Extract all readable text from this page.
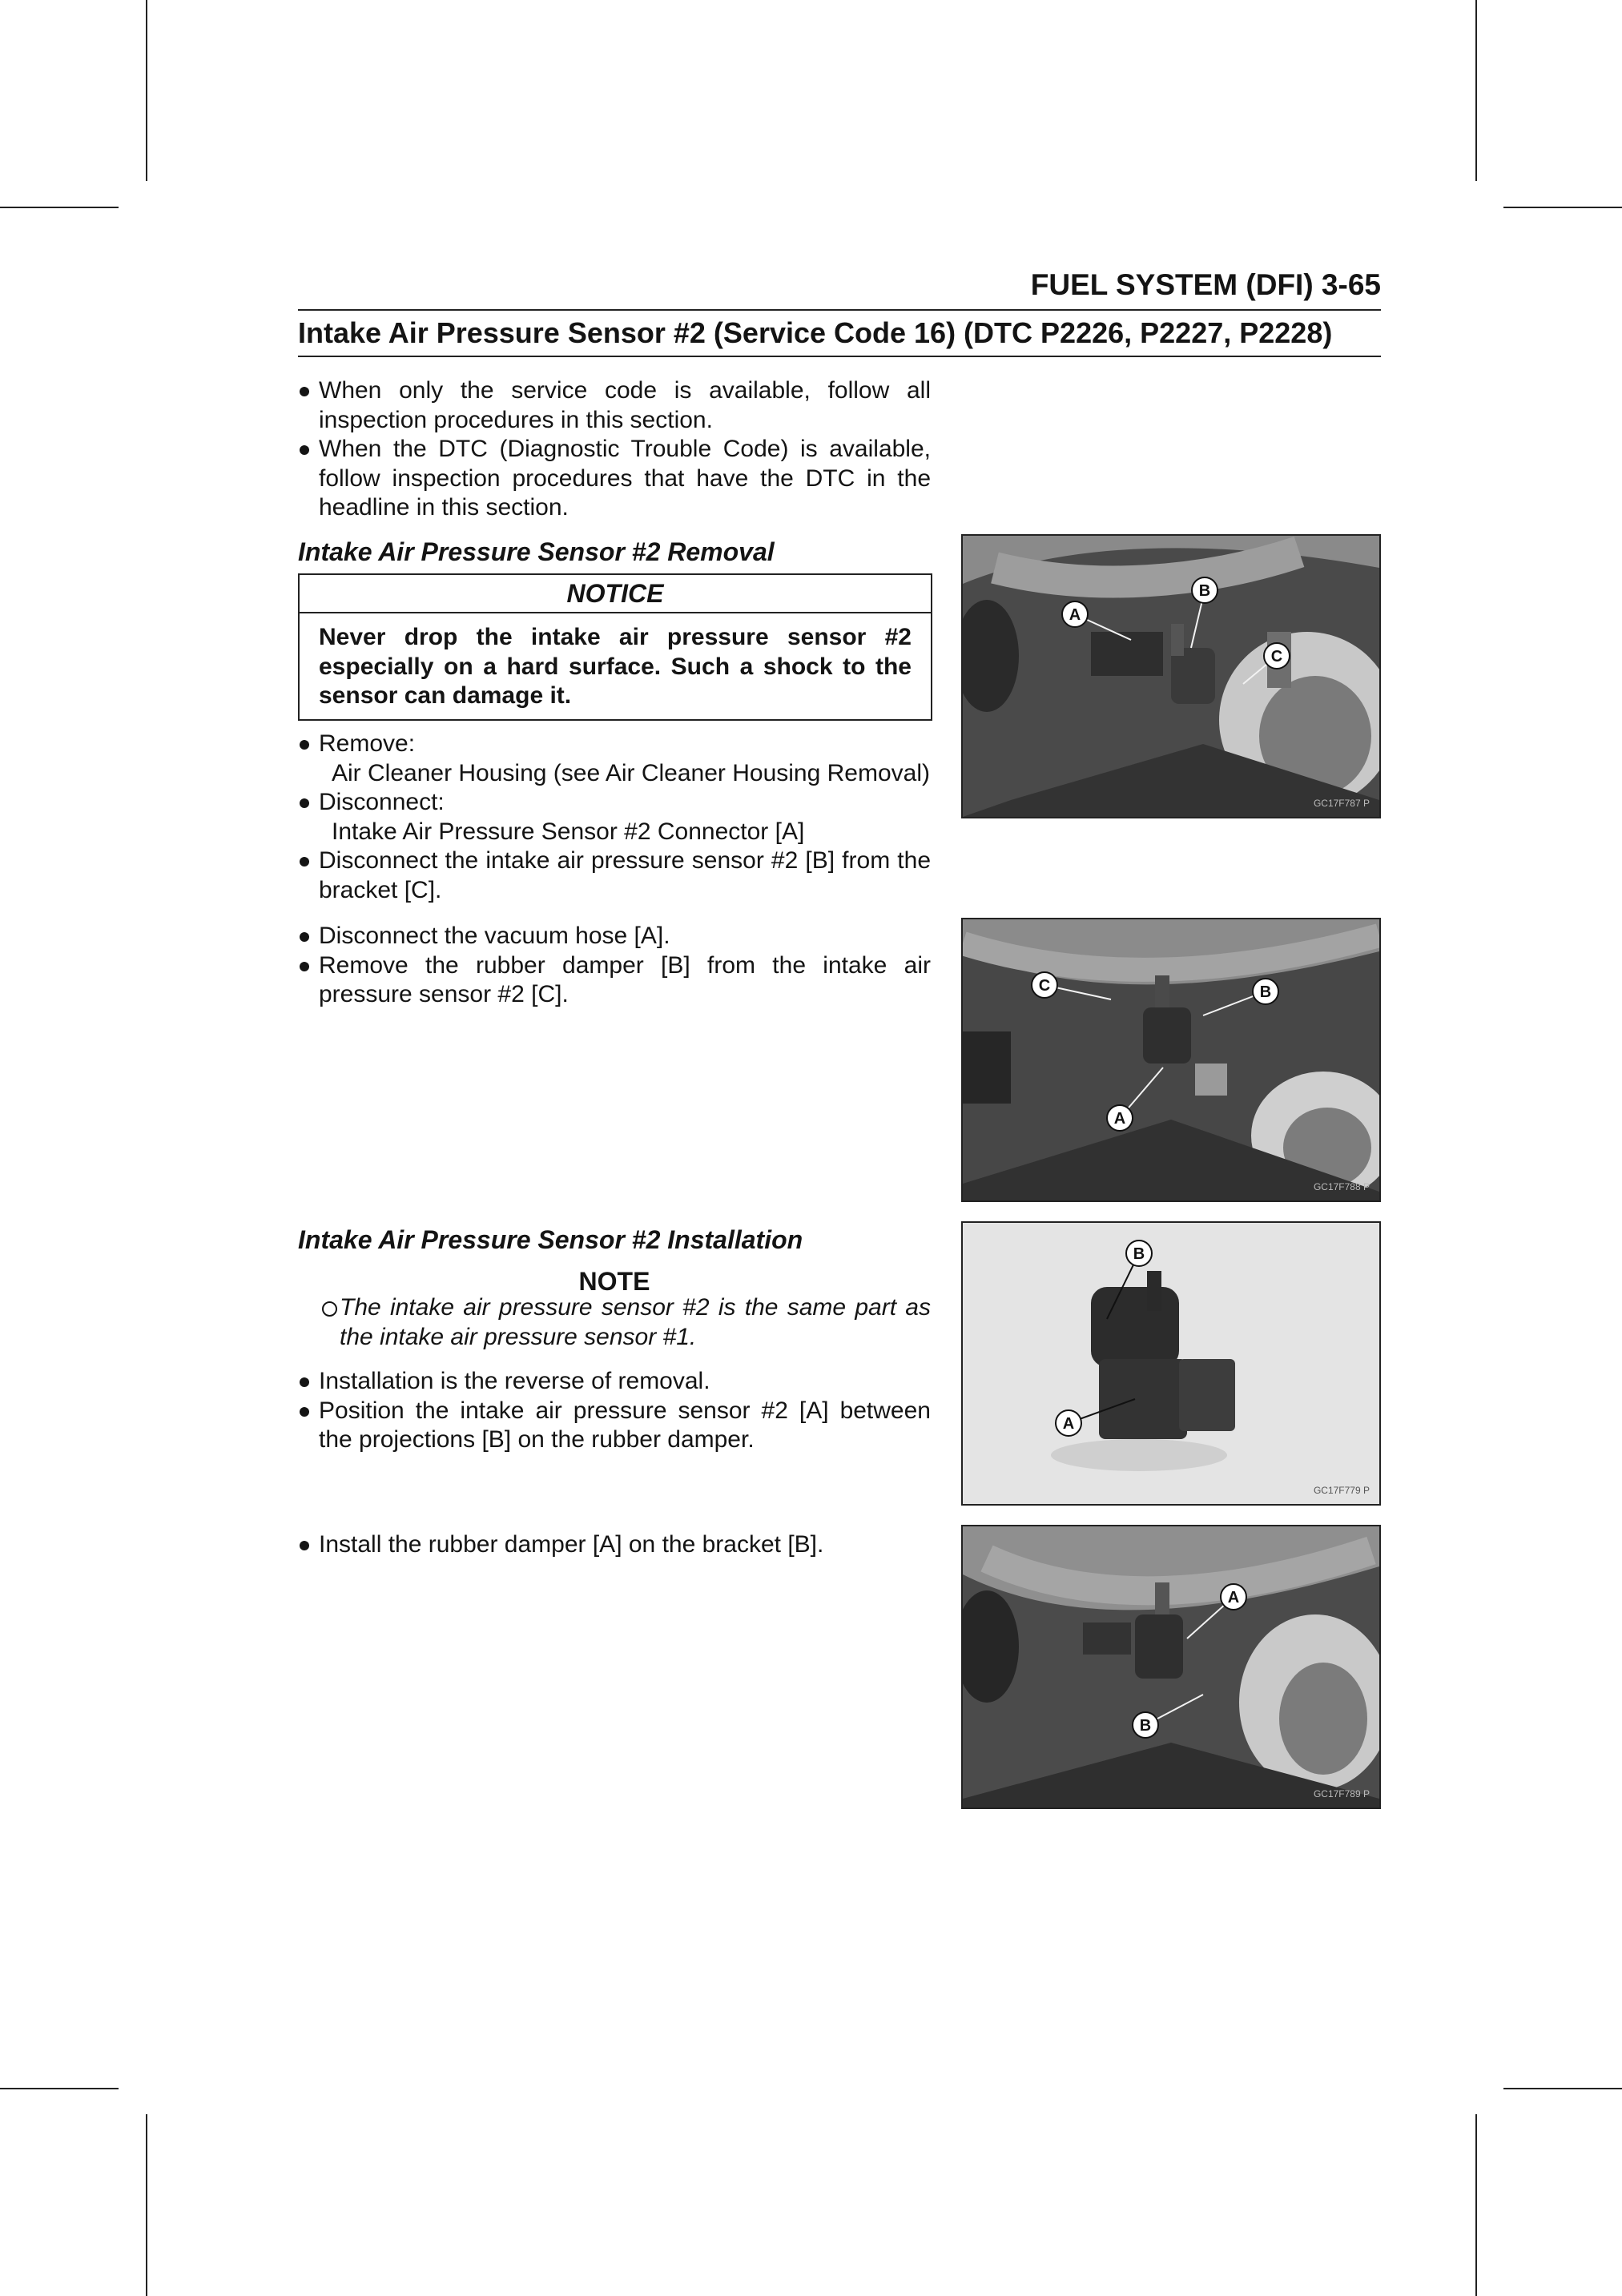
FUEL SYSTEM (DFI) 3-65
Intake Air Pressure Sensor #2 (Service Code 16) (DTC P2226, P2227, P2228)
When only the service code is available, follow all inspection procedures in this section.
When the DTC (Diagnostic Trouble Code) is available, follow inspection procedures that have the DTC in the headline in this section.
Intake Air Pressure Sensor #2 Removal
NOTICE
Never drop the intake air pressure sensor #2 especially on a hard surface. Such a shock to the sensor can damage it.
Remove:
Air Cleaner Housing (see Air Cleaner Housing Removal)
Disconnect:
Intake Air Pressure Sensor #2 Connector [A]
Disconnect the intake air pressure sensor #2 [B] from the bracket [C].
Disconnect the vacuum hose [A].
Remove the rubber damper [B] from the intake air pressure sensor #2 [C].
Intake Air Pressure Sensor #2 Installation
NOTE
The intake air pressure sensor #2 is the same part as the intake air pressure sensor #1.
Installation is the reverse of removal.
Position the intake air pressure sensor #2 [A] between the projections [B] on the rubber damper.
Install the rubber damper [A] on the bracket [B].
A
B
C
GC17F787 P
C	B
A
GC17F788 P
B
A
GC17F779 P
A
B
GC17F789 P
